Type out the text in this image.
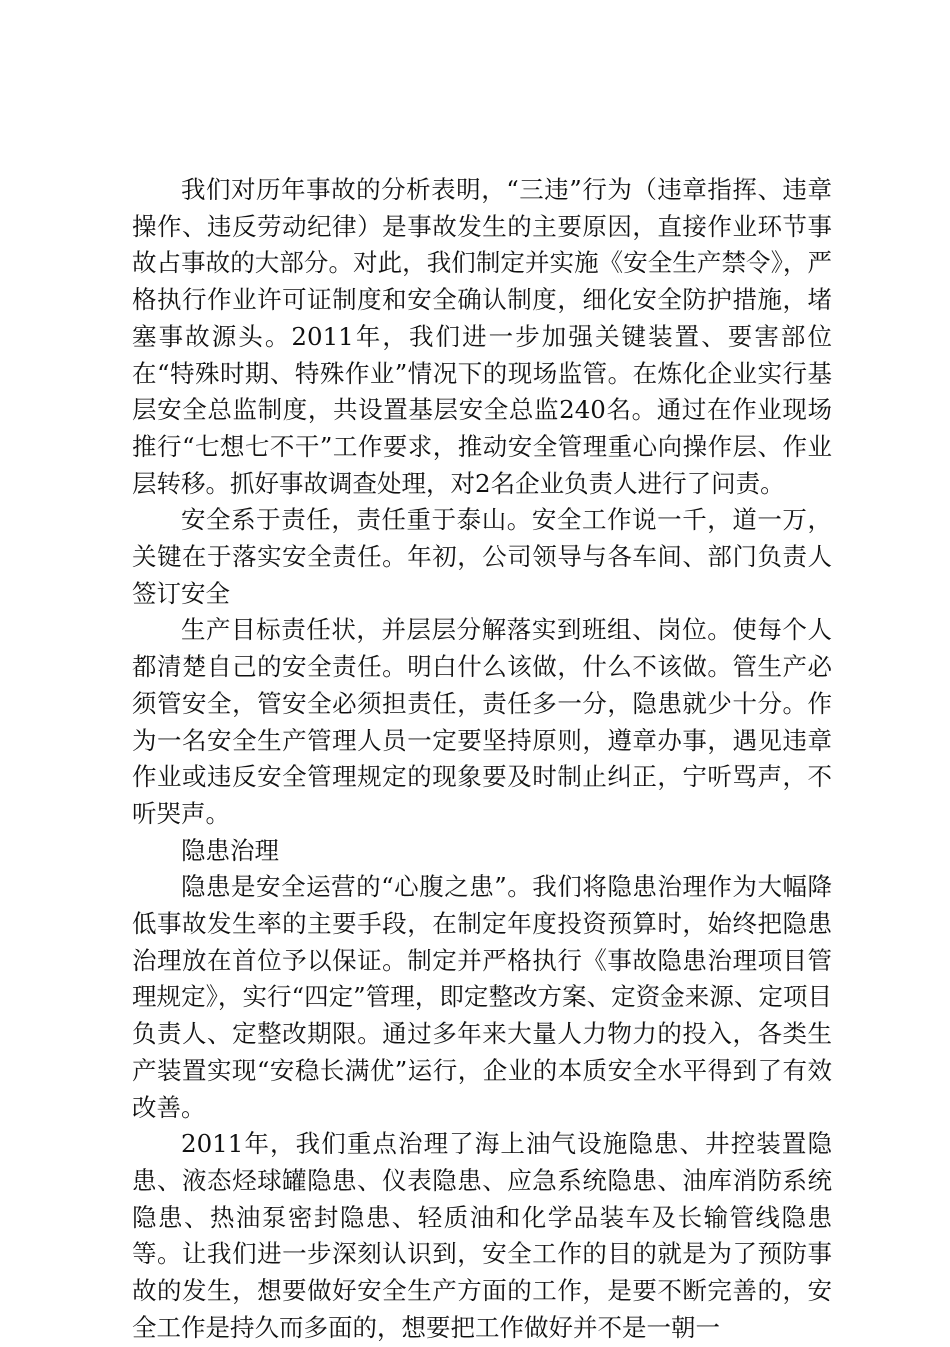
我们对历年事故的分析表明，“三违”行为（违章指挥、违章操作、违反劳动纪律）是事故发生的主要原因，直接作业环节事故占事故的大部分。对此，我们制定并实施《安全生产禁令》，严格执行作业许可证制度和安全确认制度，细化安全防护措施，堵塞事故源头。2011年，我们进一步加强关键装置、要害部位在“特殊时期、特殊作业”情况下的现场监管。在炼化企业实行基层安全总监制度，共设置基层安全总监240名。通过在作业现场推行“七想七不干”工作要求，推动安全管理重心向操作层、作业层转移。抓好事故调查处理，对2名企业负责人进行了问责。

安全系于责任，责任重于泰山。安全工作说一千，道一万，关键在于落实安全责任。年初，公司领导与各车间、部门负责人签订安全

生产目标责任状，并层层分解落实到班组、岗位。使每个人都清楚自己的安全责任。明白什么该做，什么不该做。管生产必须管安全，管安全必须担责任，责任多一分，隐患就少十分。作为一名安全生产管理人员一定要坚持原则，遵章办事，遇见违章作业或违反安全管理规定的现象要及时制止纠正，宁听骂声，不听哭声。

隐患治理

隐患是安全运营的“心腹之患”。我们将隐患治理作为大幅降低事故发生率的主要手段，在制定年度投资预算时，始终把隐患治理放在首位予以保证。制定并严格执行《事故隐患治理项目管理规定》，实行“四定”管理，即定整改方案、定资金来源、定项目负责人、定整改期限。通过多年来大量人力物力的投入，各类生产装置实现“安稳长满优”运行，企业的本质安全水平得到了有效改善。

2011年，我们重点治理了海上油气设施隐患、井控装置隐患、液态烃球罐隐患、仪表隐患、应急系统隐患、油库消防系统隐患、热油泵密封隐患、轻质油和化学品装车及长输管线隐患等。让我们进一步深刻认识到，安全工作的目的就是为了预防事故的发生，想要做好安全生产方面的工作，是要不断完善的，安全工作是持久而多面的，想要把工作做好并不是一朝一
